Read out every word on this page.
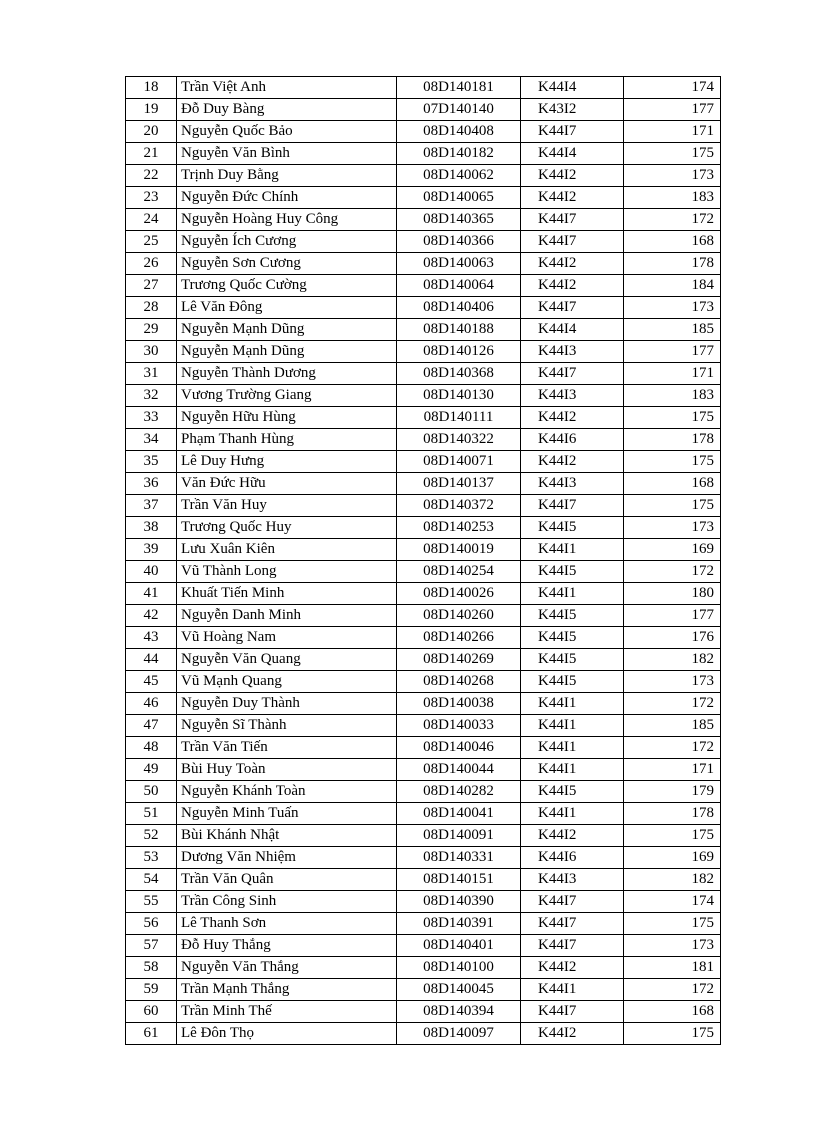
18	Trần Việt Anh	08D140181	K44I4	174
19	Đỗ Duy Bàng	07D140140	K43I2	177
20	Nguyễn Quốc Bảo	08D140408	K44I7	171
21	Nguyễn Văn Bình	08D140182	K44I4	175
22	Trịnh Duy Bằng	08D140062	K44I2	173
23	Nguyễn Đức Chính	08D140065	K44I2	183
24	Nguyễn Hoàng Huy Công	08D140365	K44I7	172
25	Nguyễn Ích Cương	08D140366	K44I7	168
26	Nguyễn Sơn Cương	08D140063	K44I2	178
27	Trương Quốc Cường	08D140064	K44I2	184
28	Lê Văn Đông	08D140406	K44I7	173
29	Nguyễn Mạnh Dũng	08D140188	K44I4	185
30	Nguyễn Mạnh Dũng	08D140126	K44I3	177
31	Nguyễn Thành Dương	08D140368	K44I7	171
32	Vương Trường Giang	08D140130	K44I3	183
33	Nguyễn Hữu Hùng	08D140111	K44I2	175
34	Phạm Thanh Hùng	08D140322	K44I6	178
35	Lê Duy Hưng	08D140071	K44I2	175
36	Văn Đức Hữu	08D140137	K44I3	168
37	Trần Văn Huy	08D140372	K44I7	175
38	Trương Quốc Huy	08D140253	K44I5	173
39	Lưu Xuân Kiên	08D140019	K44I1	169
40	Vũ Thành Long	08D140254	K44I5	172
41	Khuất Tiến Minh	08D140026	K44I1	180
42	Nguyễn Danh Minh	08D140260	K44I5	177
43	Vũ Hoàng Nam	08D140266	K44I5	176
44	Nguyễn Văn Quang	08D140269	K44I5	182
45	Vũ Mạnh Quang	08D140268	K44I5	173
46	Nguyễn Duy Thành	08D140038	K44I1	172
47	Nguyễn Sĩ Thành	08D140033	K44I1	185
48	Trần Văn Tiến	08D140046	K44I1	172
49	Bùi Huy Toàn	08D140044	K44I1	171
50	Nguyễn Khánh Toàn	08D140282	K44I5	179
51	Nguyễn Minh Tuấn	08D140041	K44I1	178
52	Bùi Khánh Nhật	08D140091	K44I2	175
53	Dương Văn Nhiệm	08D140331	K44I6	169
54	Trần Văn Quân	08D140151	K44I3	182
55	Trần Công Sinh	08D140390	K44I7	174
56	Lê Thanh Sơn	08D140391	K44I7	175
57	Đỗ Huy Thắng	08D140401	K44I7	173
58	Nguyễn Văn Thắng	08D140100	K44I2	181
59	Trần Mạnh Thắng	08D140045	K44I1	172
60	Trần Minh Thế	08D140394	K44I7	168
61	Lê Đôn Thọ	08D140097	K44I2	175
